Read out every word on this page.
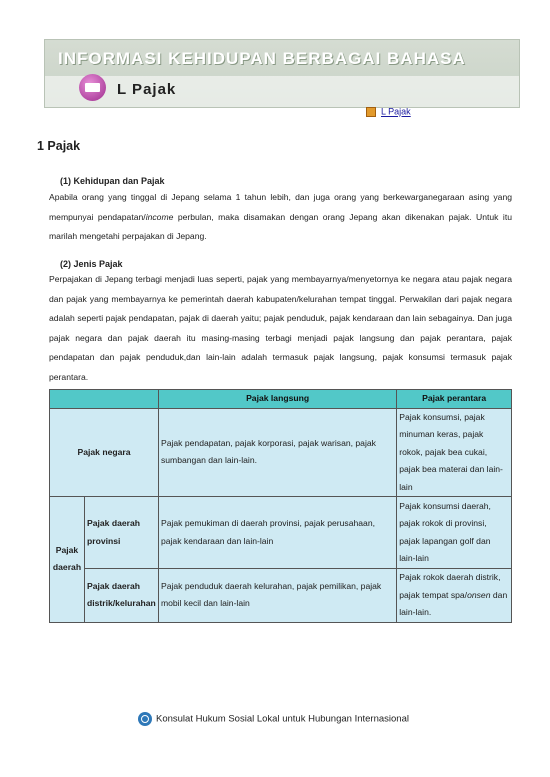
INFORMASI KEHIDUPAN BERBAGAI BAHASA
L Pajak
L Pajak
1 Pajak

(1) Kehidupan dan Pajak

Apabila orang yang tinggal di Jepang selama 1 tahun lebih, dan juga orang yang berkewarganegaraan asing yang mempunyai pendapatan/income perbulan, maka disamakan dengan orang Jepang akan dikenakan pajak. Untuk itu marilah mengetahi perpajakan di Jepang.

(2) Jenis Pajak

Perpajakan di Jepang terbagi menjadi luas seperti, pajak yang membayarnya/menyetornya ke negara atau pajak negara dan pajak yang membayarnya ke pemerintah daerah kabupaten/kelurahan tempat tinggal. Perwakilan dari pajak negara adalah seperti pajak pendapatan, pajak di daerah yaitu; pajak penduduk, pajak kendaraan dan lain sebagainya. Dan juga pajak negara dan pajak daerah itu masing-masing terbagi menjadi pajak langsung dan pajak perantara, pajak pendapatan dan pajak penduduk,dan lain-lain adalah termasuk pajak langsung, pajak konsumsi termasuk pajak perantara.

		Pajak langsung	Pajak perantara
Pajak negara		Pajak pendapatan, pajak korporasi, pajak warisan, pajak sumbangan dan lain-lain.	Pajak konsumsi, pajak minuman keras, pajak rokok, pajak bea cukai, pajak bea materai dan lain-lain
Pajak daerah	Pajak daerah provinsi	Pajak pemukiman di daerah provinsi, pajak perusahaan, pajak kendaraan dan lain-lain	Pajak konsumsi daerah, pajak rokok di provinsi, pajak lapangan golf dan lain-lain
	Pajak daerah distrik/kelurahan	Pajak penduduk daerah kelurahan, pajak pemilikan, pajak mobil kecil dan lain-lain	Pajak rokok daerah distrik, pajak tempat spa/onsen dan lain-lain.
Konsulat Hukum Sosial Lokal untuk Hubungan Internasional
